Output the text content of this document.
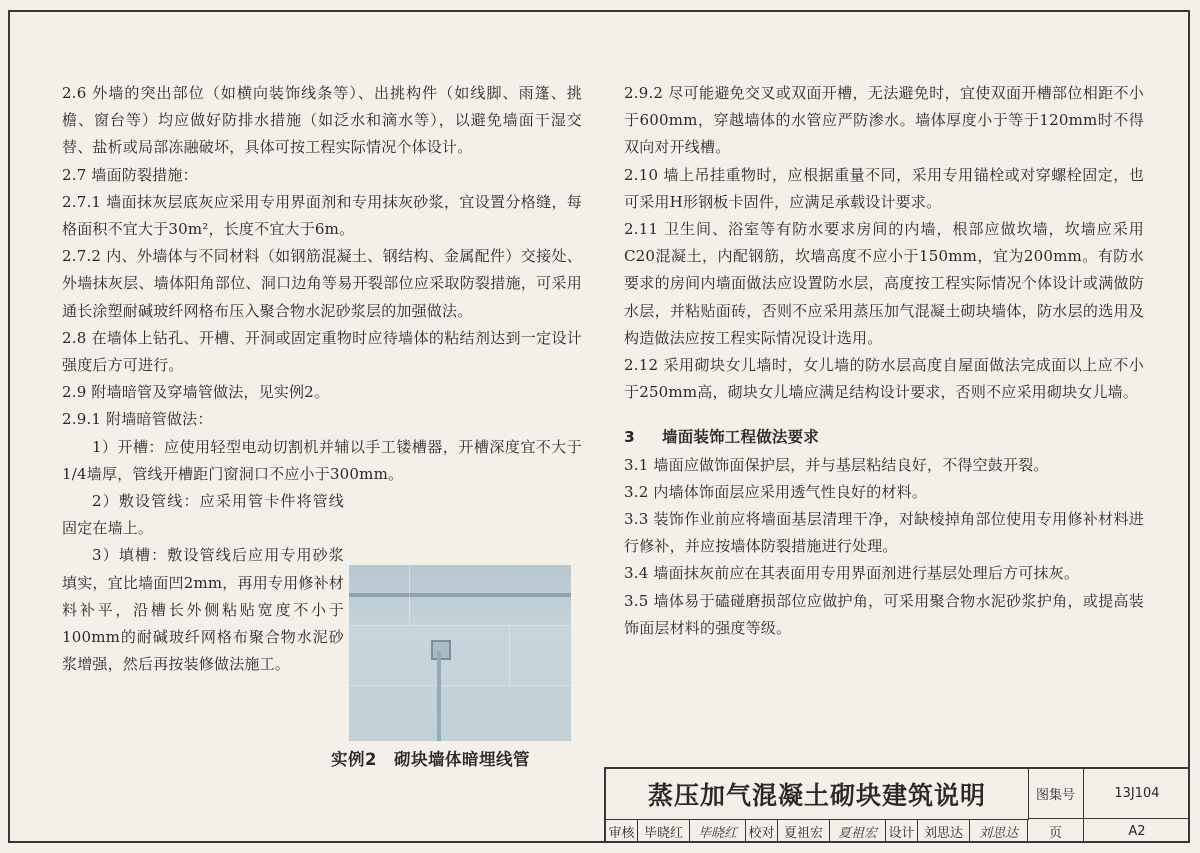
2.6 外墙的突出部位（如横向装饰线条等）、出挑构件（如线脚、雨篷、挑檐、窗台等）均应做好防排水措施（如泛水和滴水等），以避免墙面干湿交替、盐析或局部冻融破坏，具体可按工程实际情况个体设计。

2.7 墙面防裂措施：

2.7.1 墙面抹灰层底灰应采用专用界面剂和专用抹灰砂浆，宜设置分格缝，每格面积不宜大于30m²，长度不宜大于6m。

2.7.2 内、外墙体与不同材料（如钢筋混凝土、钢结构、金属配件）交接处、外墙抹灰层、墙体阳角部位、洞口边角等易开裂部位应采取防裂措施，可采用通长涂塑耐碱玻纤网格布压入聚合物水泥砂浆层的加强做法。

2.8 在墙体上钻孔、开槽、开洞或固定重物时应待墙体的粘结剂达到一定设计强度后方可进行。

2.9 附墙暗管及穿墙管做法，见实例2。

2.9.1 附墙暗管做法：

1）开槽：应使用轻型电动切割机并辅以手工镂槽器，开槽深度宜不大于1/4墙厚，管线开槽距门窗洞口不应小于300mm。

2）敷设管线：应采用管卡件将管线固定在墙上。

3）填槽：敷设管线后应用专用砂浆填实，宜比墙面凹2mm，再用专用修补材料补平，沿槽长外侧粘贴宽度不小于100mm的耐碱玻纤网格布聚合物水泥砂浆增强，然后再按装修做法施工。

实例2　砌块墙体暗埋线管

2.9.2 尽可能避免交叉或双面开槽，无法避免时，宜使双面开槽部位相距不小于600mm，穿越墙体的水管应严防渗水。墙体厚度小于等于120mm时不得双向对开线槽。

2.10 墙上吊挂重物时，应根据重量不同，采用专用锚栓或对穿螺栓固定，也可采用H形钢板卡固件，应满足承载设计要求。

2.11 卫生间、浴室等有防水要求房间的内墙，根部应做坎墙，坎墙应采用C20混凝土，内配钢筋，坎墙高度不应小于150mm，宜为200mm。有防水要求的房间内墙面做法应设置防水层，高度按工程实际情况个体设计或满做防水层，并粘贴面砖，否则不应采用蒸压加气混凝土砌块墙体，防水层的选用及构造做法应按工程实际情况设计选用。

2.12 采用砌块女儿墙时，女儿墙的防水层高度自屋面做法完成面以上应不小于250mm高，砌块女儿墙应满足结构设计要求，否则不应采用砌块女儿墙。

3 墙面装饰工程做法要求

3.1 墙面应做饰面保护层，并与基层粘结良好，不得空鼓开裂。

3.2 内墙体饰面层应采用透气性良好的材料。

3.3 装饰作业前应将墙面基层清理干净，对缺棱掉角部位使用专用修补材料进行修补，并应按墙体防裂措施进行处理。

3.4 墙面抹灰前应在其表面用专用界面剂进行基层处理后方可抹灰。

3.5 墙体易于磕碰磨损部位应做护角，可采用聚合物水泥砂浆护角，或提高装饰面层材料的强度等级。

蒸压加气混凝土砌块建筑说明	图集号	13J104
审核 毕晓红	毕晓红 校对 夏祖宏	夏祖宏 设计 刘思达	刘思达	页	A2
